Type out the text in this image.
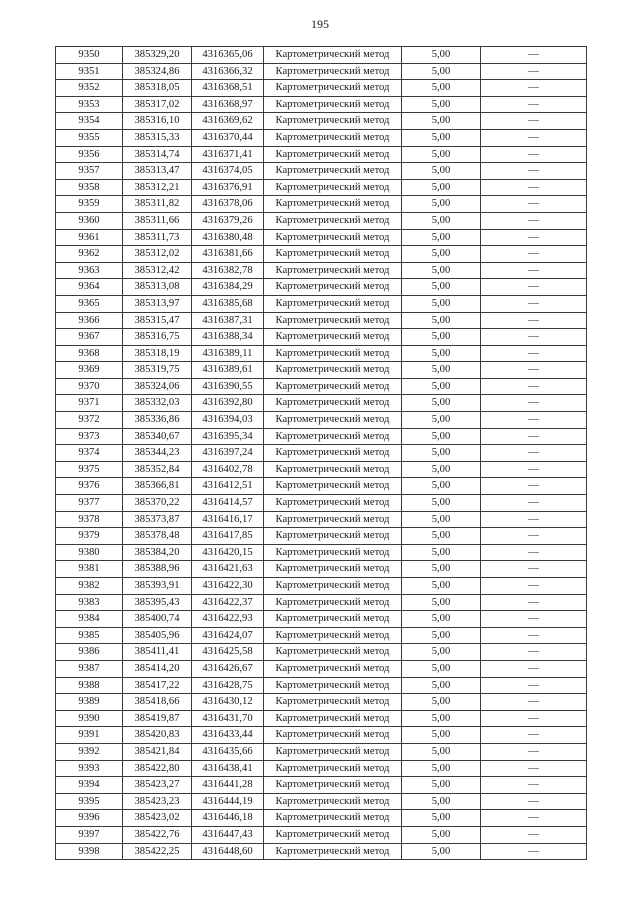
195
9350	385329,20	4316365,06	Картометрический метод	5,00	—
9351	385324,86	4316366,32	Картометрический метод	5,00	—
9352	385318,05	4316368,51	Картометрический метод	5,00	—
9353	385317,02	4316368,97	Картометрический метод	5,00	—
9354	385316,10	4316369,62	Картометрический метод	5,00	—
9355	385315,33	4316370,44	Картометрический метод	5,00	—
9356	385314,74	4316371,41	Картометрический метод	5,00	—
9357	385313,47	4316374,05	Картометрический метод	5,00	—
9358	385312,21	4316376,91	Картометрический метод	5,00	—
9359	385311,82	4316378,06	Картометрический метод	5,00	—
9360	385311,66	4316379,26	Картометрический метод	5,00	—
9361	385311,73	4316380,48	Картометрический метод	5,00	—
9362	385312,02	4316381,66	Картометрический метод	5,00	—
9363	385312,42	4316382,78	Картометрический метод	5,00	—
9364	385313,08	4316384,29	Картометрический метод	5,00	—
9365	385313,97	4316385,68	Картометрический метод	5,00	—
9366	385315,47	4316387,31	Картометрический метод	5,00	—
9367	385316,75	4316388,34	Картометрический метод	5,00	—
9368	385318,19	4316389,11	Картометрический метод	5,00	—
9369	385319,75	4316389,61	Картометрический метод	5,00	—
9370	385324,06	4316390,55	Картометрический метод	5,00	—
9371	385332,03	4316392,80	Картометрический метод	5,00	—
9372	385336,86	4316394,03	Картометрический метод	5,00	—
9373	385340,67	4316395,34	Картометрический метод	5,00	—
9374	385344,23	4316397,24	Картометрический метод	5,00	—
9375	385352,84	4316402,78	Картометрический метод	5,00	—
9376	385366,81	4316412,51	Картометрический метод	5,00	—
9377	385370,22	4316414,57	Картометрический метод	5,00	—
9378	385373,87	4316416,17	Картометрический метод	5,00	—
9379	385378,48	4316417,85	Картометрический метод	5,00	—
9380	385384,20	4316420,15	Картометрический метод	5,00	—
9381	385388,96	4316421,63	Картометрический метод	5,00	—
9382	385393,91	4316422,30	Картометрический метод	5,00	—
9383	385395,43	4316422,37	Картометрический метод	5,00	—
9384	385400,74	4316422,93	Картометрический метод	5,00	—
9385	385405,96	4316424,07	Картометрический метод	5,00	—
9386	385411,41	4316425,58	Картометрический метод	5,00	—
9387	385414,20	4316426,67	Картометрический метод	5,00	—
9388	385417,22	4316428,75	Картометрический метод	5,00	—
9389	385418,66	4316430,12	Картометрический метод	5,00	—
9390	385419,87	4316431,70	Картометрический метод	5,00	—
9391	385420,83	4316433,44	Картометрический метод	5,00	—
9392	385421,84	4316435,66	Картометрический метод	5,00	—
9393	385422,80	4316438,41	Картометрический метод	5,00	—
9394	385423,27	4316441,28	Картометрический метод	5,00	—
9395	385423,23	4316444,19	Картометрический метод	5,00	—
9396	385423,02	4316446,18	Картометрический метод	5,00	—
9397	385422,76	4316447,43	Картометрический метод	5,00	—
9398	385422,25	4316448,60	Картометрический метод	5,00	—
